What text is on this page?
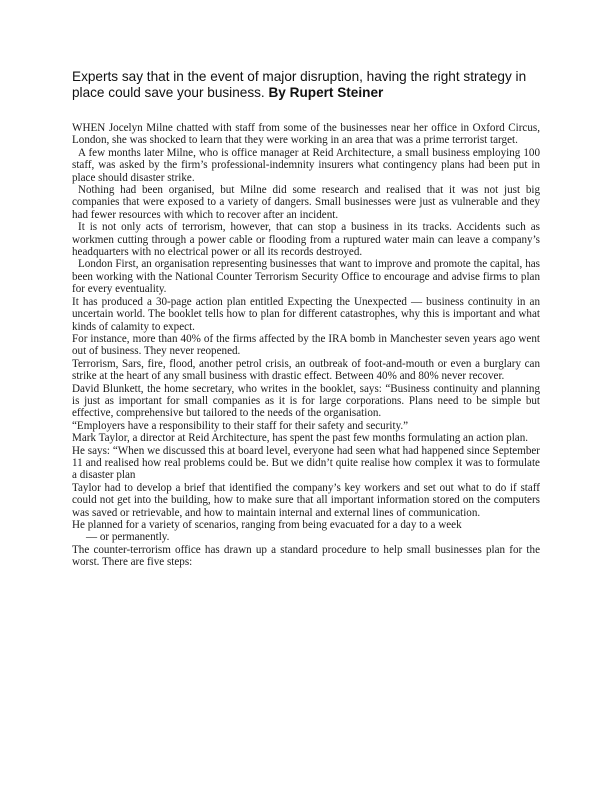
Experts say that in the event of major disruption, having the right strategy in place could save your business. By Rupert Steiner

WHEN Jocelyn Milne chatted with staff from some of the businesses near her office in Oxford Circus, London, she was shocked to learn that they were working in an area that was a prime terrorist target.

A few months later Milne, who is office manager at Reid Architecture, a small business employing 100 staff, was asked by the firm’s professional-indemnity insurers what contingency plans had been put in place should disaster strike.

Nothing had been organised, but Milne did some research and realised that it was not just big companies that were exposed to a variety of dangers. Small businesses were just as vulnerable and they had fewer resources with which to recover after an incident.

It is not only acts of terrorism, however, that can stop a business in its tracks. Accidents such as workmen cutting through a power cable or flooding from a ruptured water main can leave a company’s headquarters with no electrical power or all its records destroyed.

London First, an organisation representing businesses that want to improve and promote the capital, has been working with the National Counter Terrorism Security Office to encourage and advise firms to plan for every eventuality.

It has produced a 30-page action plan entitled Expecting the Unexpected — business continuity in an uncertain world. The booklet tells how to plan for different catastrophes, why this is important and what kinds of calamity to expect.

For instance, more than 40% of the firms affected by the IRA bomb in Manchester seven years ago went out of business. They never reopened.

Terrorism, Sars, fire, flood, another petrol crisis, an outbreak of foot-and-mouth or even a burglary can strike at the heart of any small business with drastic effect. Between 40% and 80% never recover.

David Blunkett, the home secretary, who writes in the booklet, says: “Business continuity and planning is just as important for small companies as it is for large corporations. Plans need to be simple but effective, comprehensive but tailored to the needs of the organisation.

“Employers have a responsibility to their staff for their safety and security.”

Mark Taylor, a director at Reid Architecture, has spent the past few months formulating an action plan.

He says: “When we discussed this at board level, everyone had seen what had happened since September 11 and realised how real problems could be. But we didn’t quite realise how complex it was to formulate a disaster plan

Taylor had to develop a brief that identified the company’s key workers and set out what to do if staff could not get into the building, how to make sure that all important information stored on the computers was saved or retrievable, and how to maintain internal and external lines of communication.

He planned for a variety of scenarios, ranging from being evacuated for a day to a week

— or permanently.

The counter-terrorism office has drawn up a standard procedure to help small businesses plan for the worst. There are five steps:
